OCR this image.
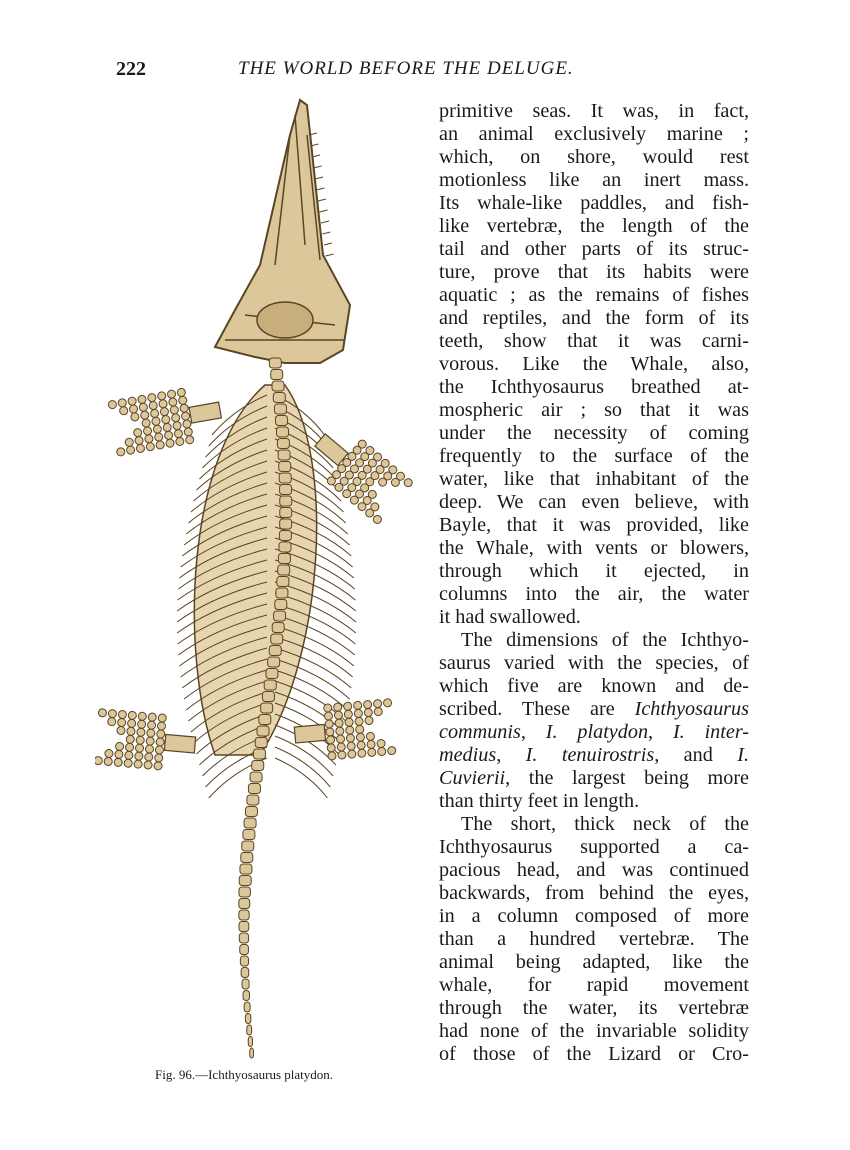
222	THE WORLD BEFORE THE DELUGE.
Fig. 96.—Ichthyosaurus platydon.
primitive seas. It was, in fact,
an animal exclusively marine ;
which, on shore, would rest
motionless like an inert mass.
Its whale-like paddles, and fish-
like vertebræ, the length of the
tail and other parts of its struc-
ture, prove that its habits were
aquatic ; as the remains of fishes
and reptiles, and the form of its
teeth, show that it was carni-
vorous. Like the Whale, also,
the Ichthyosaurus breathed at-
mospheric air ; so that it was
under the necessity of coming
frequently to the surface of the
water, like that inhabitant of the
deep. We can even believe, with
Bayle, that it was provided, like
the Whale, with vents or blowers,
through which it ejected, in
columns into the air, the water
it had swallowed.
The dimensions of the Ichthyo-
saurus varied with the species, of
which five are known and de-
scribed. These are Ichthyosaurus
communis, I. platydon, I. inter-
medius, I. tenuirostris, and I.
Cuvierii, the largest being more
than thirty feet in length.
The short, thick neck of the
Ichthyosaurus supported a ca-
pacious head, and was continued
backwards, from behind the eyes,
in a column composed of more
than a hundred vertebræ. The
animal being adapted, like the
whale, for rapid movement
through the water, its vertebræ
had none of the invariable solidity
of those of the Lizard or Cro-
